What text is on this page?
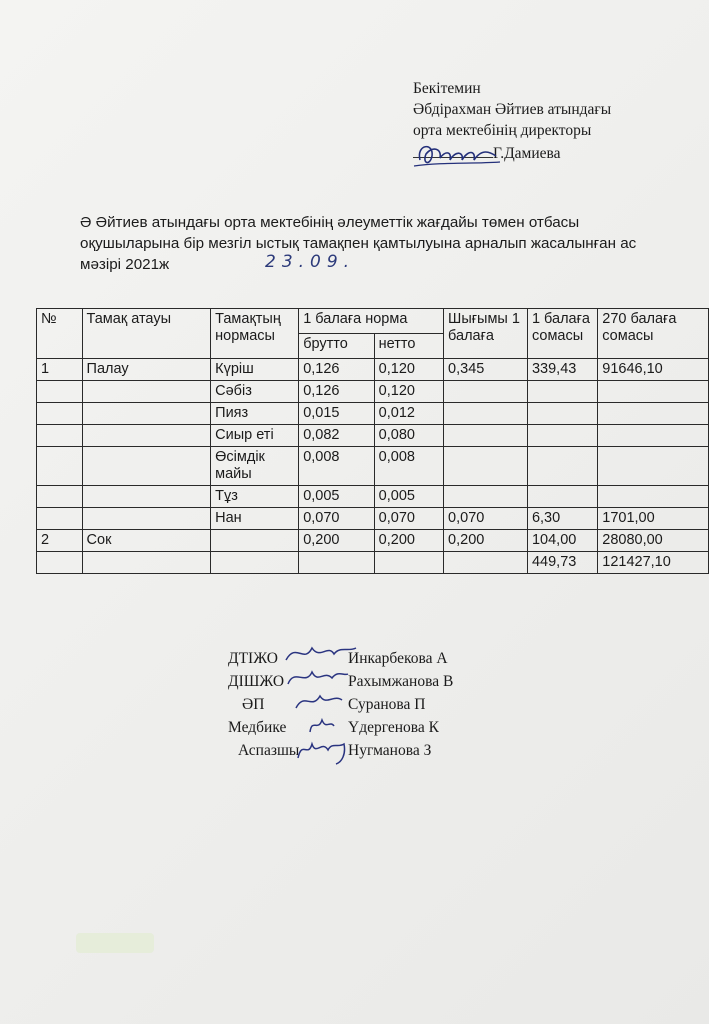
Бекітемин
Әбдірахман Әйтиев атындағы
орта мектебінің директоры
Г.Дамиева
Ә Әйтиев атындағы орта мектебінің әлеуметтік жағдайы төмен отбасы
оқушыларына бір мезгіл ыстық тамақпен қамтылуына арналып жасалынған ас
мәзірі 2021ж	23.09.
№	Тамақ атауы	Тамақтың нормасы	1 балаға норма		Шығымы 1 балаға	1 балаға сомасы	270 балаға сомасы
			брутто	нетто			
1	Палау	Күріш	0,126	0,120	0,345	339,43	91646,10
		Сәбіз	0,126	0,120			
		Пияз	0,015	0,012			
		Сиыр еті	0,082	0,080			
		Өсімдік майы	0,008	0,008			
		Тұз	0,005	0,005			
		Нан	0,070	0,070	0,070	6,30	1701,00
2	Сок		0,200	0,200	0,200	104,00	28080,00
						449,73	121427,10
ДТІЖО	Инкарбекова А
ДІШЖО	Рахымжанова В
ӘП	Суранова П
Медбике	Үдергенова К
Аспазшы	Нугманова З
